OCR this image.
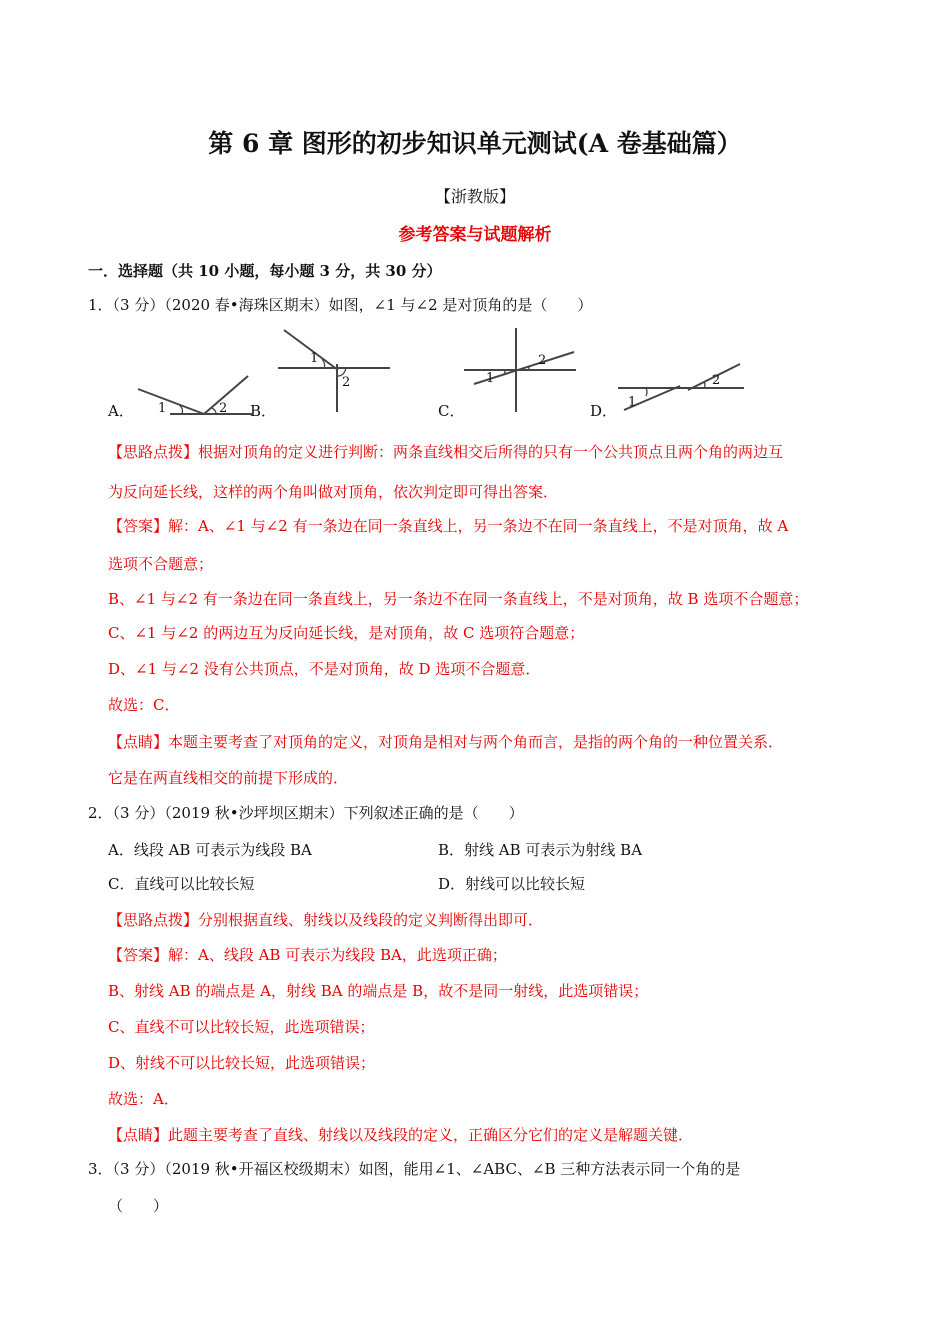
第 6 章 图形的初步知识单元测试(A 卷基础篇）
【浙教版】
参考答案与试题解析
一．选择题（共 10 小题，每小题 3 分，共 30 分）
1．（3 分）（2020 春•海珠区期末）如图，∠1 与∠2 是对顶角的是（　　）
1	2
A．	B．
1
2	1
2
C．	1
2
D．
【思路点拨】根据对顶角的定义进行判断：两条直线相交后所得的只有一个公共顶点且两个角的两边互
为反向延长线，这样的两个角叫做对顶角，依次判定即可得出答案．
【答案】解：A、∠1 与∠2 有一条边在同一条直线上，另一条边不在同一条直线上，不是对顶角，故 A
选项不合题意；
B、∠1 与∠2 有一条边在同一条直线上，另一条边不在同一条直线上，不是对顶角，故 B 选项不合题意；
C、∠1 与∠2 的两边互为反向延长线，是对顶角，故 C 选项符合题意；
D、∠1 与∠2 没有公共顶点，不是对顶角，故 D 选项不合题意．
故选：C．
【点睛】本题主要考查了对顶角的定义，对顶角是相对与两个角而言，是指的两个角的一种位置关系．
它是在两直线相交的前提下形成的．
2．（3 分）（2019 秋•沙坪坝区期末）下列叙述正确的是（　　）
A．线段 AB 可表示为线段 BA	B．射线 AB 可表示为射线 BA
C．直线可以比较长短	D．射线可以比较长短
【思路点拨】分别根据直线、射线以及线段的定义判断得出即可．
【答案】解：A、线段 AB 可表示为线段 BA，此选项正确；
B、射线 AB 的端点是 A，射线 BA 的端点是 B，故不是同一射线，此选项错误；
C、直线不可以比较长短，此选项错误；
D、射线不可以比较长短，此选项错误；
故选：A．
【点睛】此题主要考查了直线、射线以及线段的定义，正确区分它们的定义是解题关键．
3．（3 分）（2019 秋•开福区校级期末）如图，能用∠1、∠ABC、∠B 三种方法表示同一个角的是
（　　）
